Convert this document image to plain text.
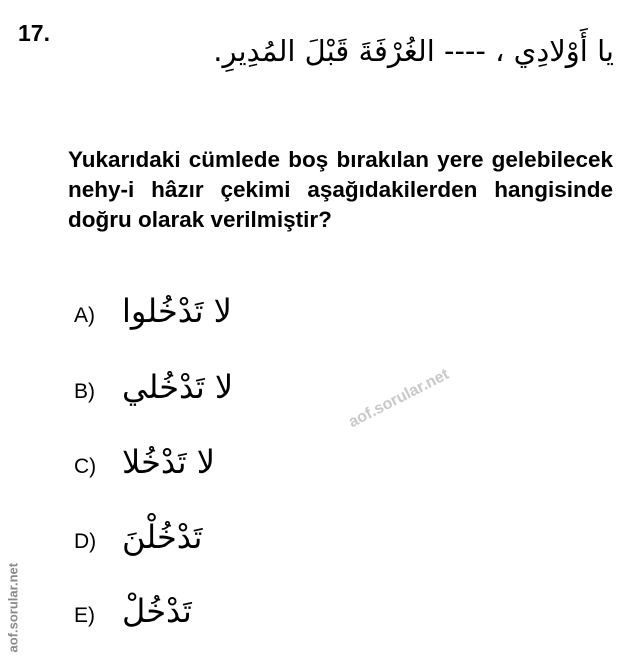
17.
يا أَوْلادِي ، ---- الغُرْفَةَ قَبْلَ المُدِيرِ.
Yukarıdaki cümlede boş bırakılan yere gelebilecek nehy-i hâzır çekimi aşağıdakilerden hangisinde doğru olarak verilmiştir?
A) لا تَدْخُلوا
B) لا تَدْخُلي
C) لا تَدْخُلا
D) تَدْخُلْنَ
E) تَدْخُلْ
aof.sorular.net
aof.sorular.net
